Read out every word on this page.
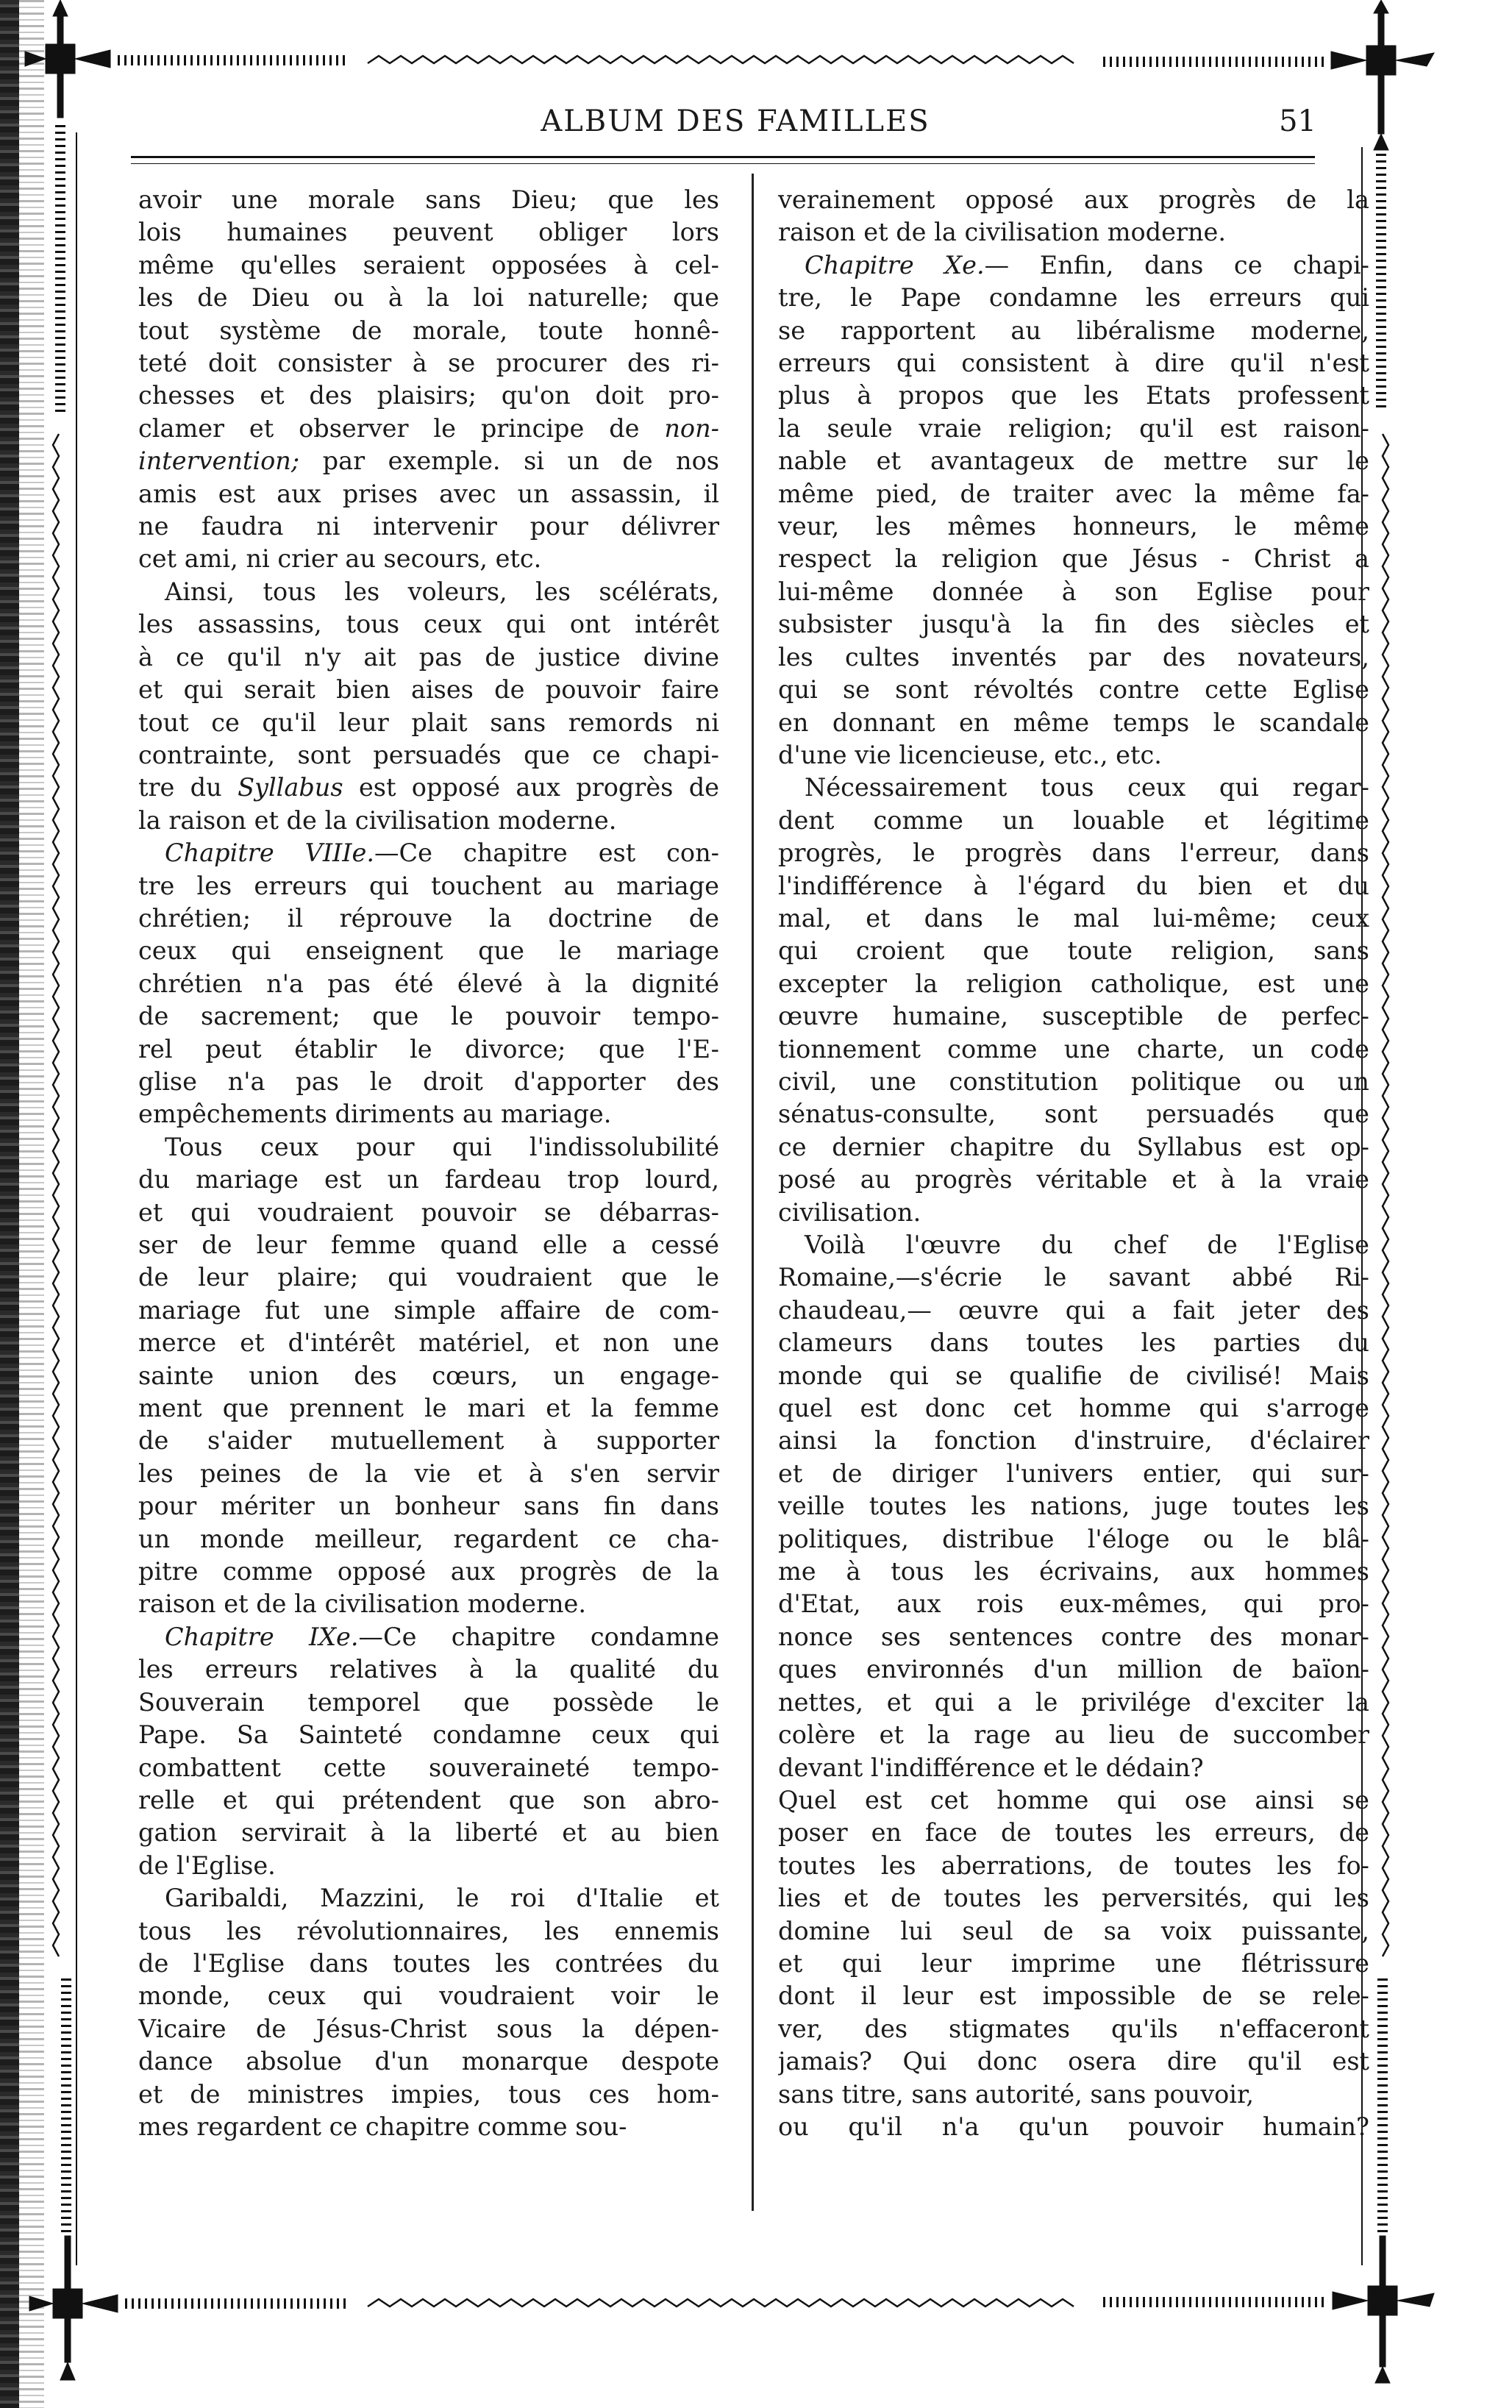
ALBUM DES FAMILLES	51
avoir une morale sans Dieu; que les
lois humaines peuvent obliger lors
même qu'elles seraient opposées à cel-
les de Dieu ou à la loi naturelle; que
tout système de morale, toute honnê-
teté doit consister à se procurer des ri-
chesses et des plaisirs; qu'on doit pro-
clamer et observer le principe de non-
intervention; par exemple. si un de nos
amis est aux prises avec un assassin, il
ne faudra ni intervenir pour délivrer
cet ami, ni crier au secours, etc.
Ainsi, tous les voleurs, les scélérats,
les assassins, tous ceux qui ont intérêt
à ce qu'il n'y ait pas de justice divine
et qui serait bien aises de pouvoir faire
tout ce qu'il leur plait sans remords ni
contrainte, sont persuadés que ce chapi-
tre du Syllabus est opposé aux progrès de
la raison et de la civilisation moderne.
Chapitre VIIIe.—Ce chapitre est con-
tre les erreurs qui touchent au mariage
chrétien; il réprouve la doctrine de
ceux qui enseignent que le mariage
chrétien n'a pas été élevé à la dignité
de sacrement; que le pouvoir tempo-
rel peut établir le divorce; que l'E-
glise n'a pas le droit d'apporter des
empêchements diriments au mariage.
Tous ceux pour qui l'indissolubilité
du mariage est un fardeau trop lourd,
et qui voudraient pouvoir se débarras-
ser de leur femme quand elle a cessé
de leur plaire; qui voudraient que le
mariage fut une simple affaire de com-
merce et d'intérêt matériel, et non une
sainte union des cœurs, un engage-
ment que prennent le mari et la femme
de s'aider mutuellement à supporter
les peines de la vie et à s'en servir
pour mériter un bonheur sans fin dans
un monde meilleur, regardent ce cha-
pitre comme opposé aux progrès de la
raison et de la civilisation moderne.
Chapitre IXe.—Ce chapitre condamne
les erreurs relatives à la qualité du
Souverain temporel que possède le
Pape. Sa Sainteté condamne ceux qui
combattent cette souveraineté tempo-
relle et qui prétendent que son abro-
gation servirait à la liberté et au bien
de l'Eglise.
Garibaldi, Mazzini, le roi d'Italie et
tous les révolutionnaires, les ennemis
de l'Eglise dans toutes les contrées du
monde, ceux qui voudraient voir le
Vicaire de Jésus-Christ sous la dépen-
dance absolue d'un monarque despote
et de ministres impies, tous ces hom-
mes regardent ce chapitre comme sou-
verainement opposé aux progrès de la
raison et de la civilisation moderne.
Chapitre Xe.— Enfin, dans ce chapi-
tre, le Pape condamne les erreurs qui
se rapportent au libéralisme moderne,
erreurs qui consistent à dire qu'il n'est
plus à propos que les Etats professent
la seule vraie religion; qu'il est raison-
nable et avantageux de mettre sur le
même pied, de traiter avec la même fa-
veur, les mêmes honneurs, le même
respect la religion que Jésus - Christ a
lui-même donnée à son Eglise pour
subsister jusqu'à la fin des siècles et
les cultes inventés par des novateurs,
qui se sont révoltés contre cette Eglise
en donnant en même temps le scandale
d'une vie licencieuse, etc., etc.
Nécessairement tous ceux qui regar-
dent comme un louable et légitime
progrès, le progrès dans l'erreur, dans
l'indifférence à l'égard du bien et du
mal, et dans le mal lui-même; ceux
qui croient que toute religion, sans
excepter la religion catholique, est une
œuvre humaine, susceptible de perfec-
tionnement comme une charte, un code
civil, une constitution politique ou un
sénatus-consulte, sont persuadés que
ce dernier chapitre du Syllabus est op-
posé au progrès véritable et à la vraie
civilisation.
Voilà l'œuvre du chef de l'Eglise
Romaine,—s'écrie le savant abbé Ri-
chaudeau,— œuvre qui a fait jeter des
clameurs dans toutes les parties du
monde qui se qualifie de civilisé! Mais
quel est donc cet homme qui s'arroge
ainsi la fonction d'instruire, d'éclairer
et de diriger l'univers entier, qui sur-
veille toutes les nations, juge toutes les
politiques, distribue l'éloge ou le blâ-
me à tous les écrivains, aux hommes
d'Etat, aux rois eux-mêmes, qui pro-
nonce ses sentences contre des monar-
ques environnés d'un million de baïon-
nettes, et qui a le privilége d'exciter la
colère et la rage au lieu de succomber
devant l'indifférence et le dédain?
Quel est cet homme qui ose ainsi se
poser en face de toutes les erreurs, de
toutes les aberrations, de toutes les fo-
lies et de toutes les perversités, qui les
domine lui seul de sa voix puissante,
et qui leur imprime une flétrissure
dont il leur est impossible de se rele-
ver, des stigmates qu'ils n'effaceront
jamais? Qui donc osera dire qu'il est
sans titre, sans autorité, sans pouvoir,
ou qu'il n'a qu'un pouvoir humain?
